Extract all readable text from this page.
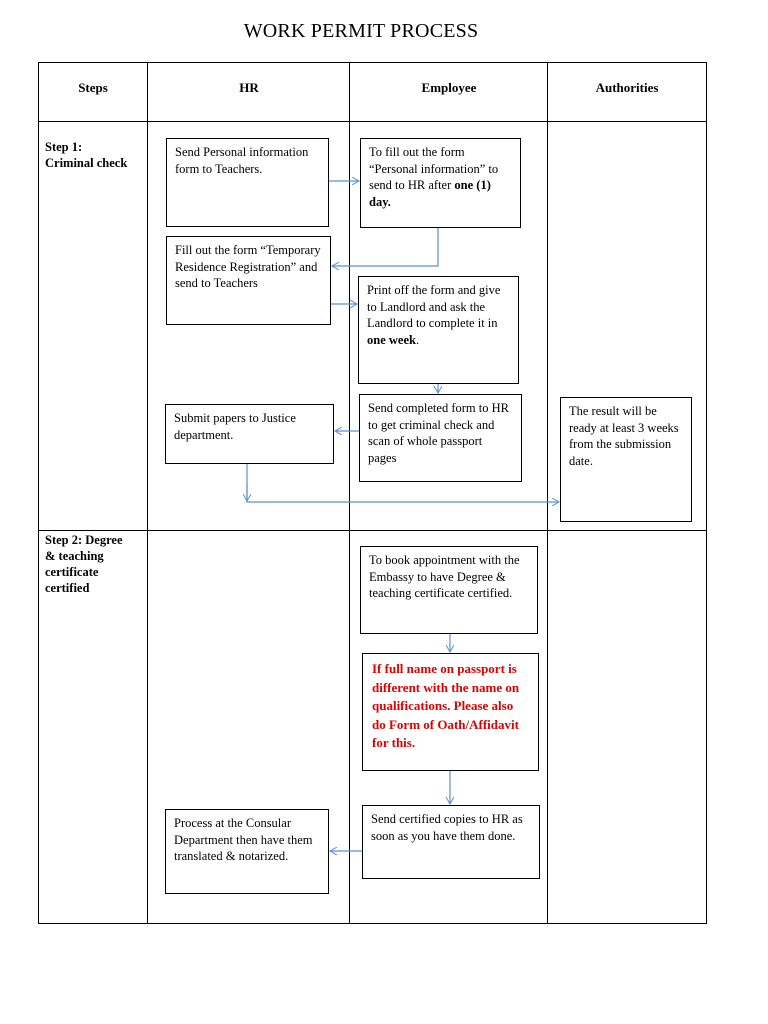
WORK PERMIT PROCESS
Steps	HR	Employee	Authorities
Step 1:
Criminal check
Step 2: Degree
& teaching
certificate
certified
Send Personal information form to Teachers.
To fill out the form “Personal information” to send to HR after one (1) day.
Fill out the form “Temporary Residence Registration” and send to Teachers	Print off the form and give to Landlord and ask the Landlord to complete it in one week.
Submit papers to Justice department.
Send completed form to HR to get criminal check and scan of whole passport pages
The result will be ready at least 3 weeks from the submission date.
To book appointment with the Embassy to have Degree & teaching certificate certified.
If full name on passport is different with the name on qualifications. Please also do Form of Oath/Affidavit for this.
Send certified copies to HR as soon as you have them done.
Process at the Consular Department then have them translated & notarized.
